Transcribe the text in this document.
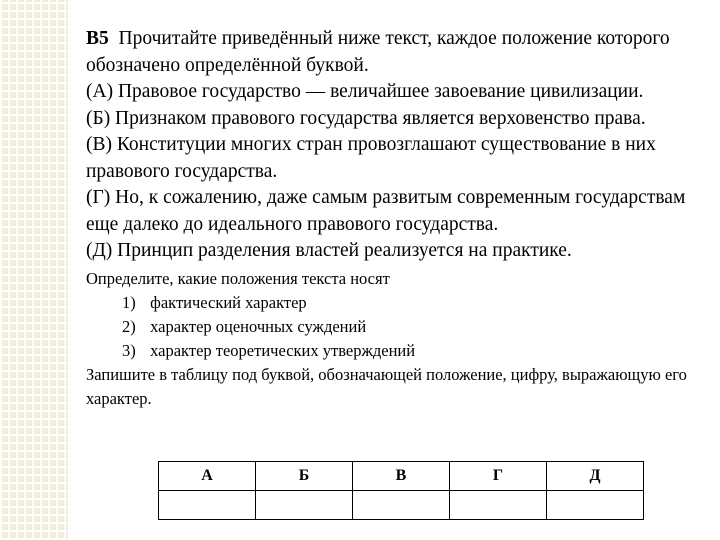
В5 Прочитайте приведённый ниже текст, каждое положение которого обозначено определённой буквой.

(А) Правовое государство — величайшее завоевание цивилизации.

(Б) Признаком правового государства является верховенство права.

(В) Конституции многих стран провозглашают существование в них правового государства.

(Г) Но, к сожалению, даже самым развитым современным государствам еще далеко до идеального правового государства.

(Д) Принцип разделения властей реализуется на практике.

Определите, какие положения текста носят

1) фактический характер
2) характер оценочных суждений
3) характер теоретических утверждений

Запишите в таблицу под буквой, обозначающей положение, цифру, выражающую его характер.

А	Б	В	Г	Д
